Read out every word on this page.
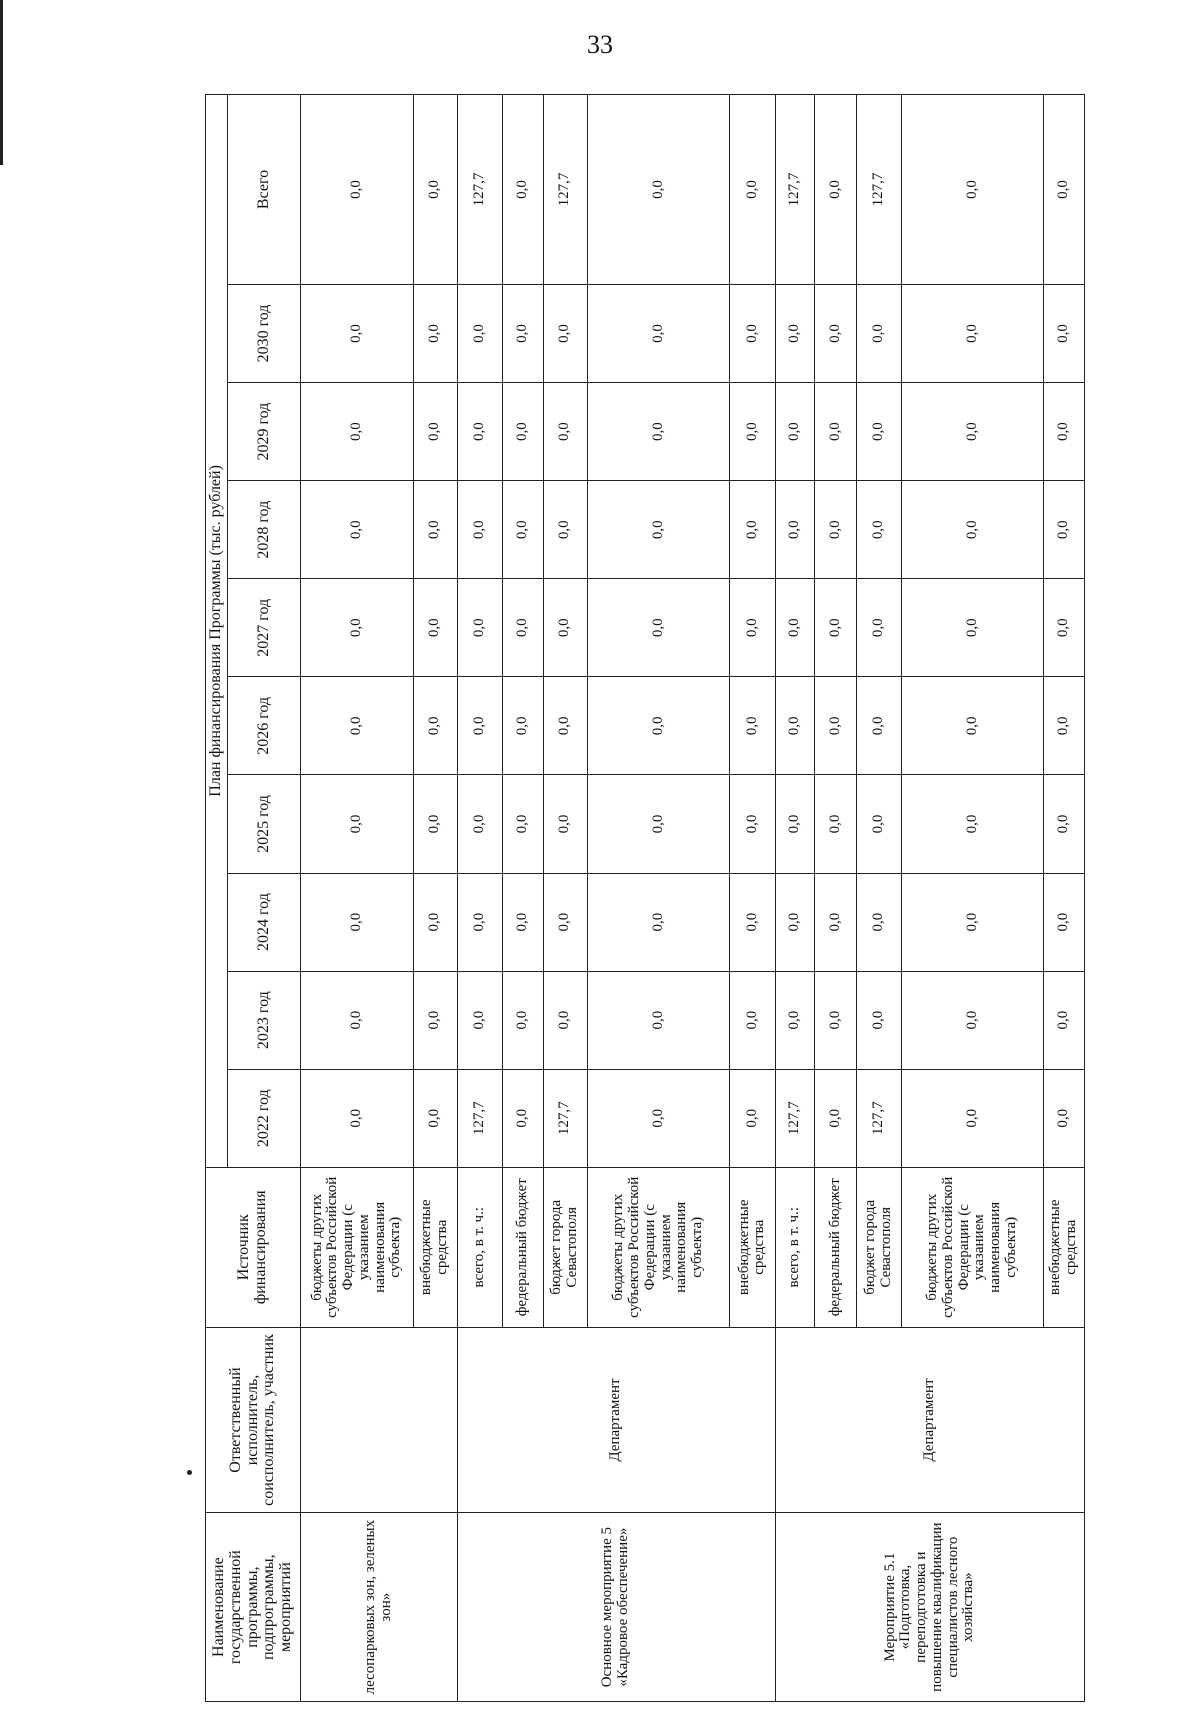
33
Наименование государственной программы, подпрограммы, мероприятий	Ответственный исполнитель, соисполнитель, участник	Источник финансирования	План финансирования Программы (тыс. рублей)									
			2022 год	2023 год	2024 год	2025 год	2026 год	2027 год	2028 год	2029 год	2030 год	Всего
лесопарковых зон, зеленых зон»		бюджеты других субъектов Российской Федерации (с указанием наименования субъекта)	0,0	0,0	0,0	0,0	0,0	0,0	0,0	0,0	0,0	0,0
		внебюджетные средства	0,0	0,0	0,0	0,0	0,0	0,0	0,0	0,0	0,0	0,0
Основное мероприятие 5 «Кадровое обеспечение»	Департамент	всего, в т. ч.:	127,7	0,0	0,0	0,0	0,0	0,0	0,0	0,0	0,0	127,7
		федеральный бюджет	0,0	0,0	0,0	0,0	0,0	0,0	0,0	0,0	0,0	0,0
		бюджет города Севастополя	127,7	0,0	0,0	0,0	0,0	0,0	0,0	0,0	0,0	127,7
		бюджеты других субъектов Российской Федерации (с указанием наименования субъекта)	0,0	0,0	0,0	0,0	0,0	0,0	0,0	0,0	0,0	0,0
		внебюджетные средства	0,0	0,0	0,0	0,0	0,0	0,0	0,0	0,0	0,0	0,0
Мероприятие 5.1 «Подготовка, переподготовка и повышение квалификации специалистов лесного хозяйства»	Департамент	всего, в т. ч.:	127,7	0,0	0,0	0,0	0,0	0,0	0,0	0,0	0,0	127,7
		федеральный бюджет	0,0	0,0	0,0	0,0	0,0	0,0	0,0	0,0	0,0	0,0
		бюджет города Севастополя	127,7	0,0	0,0	0,0	0,0	0,0	0,0	0,0	0,0	127,7
		бюджеты других субъектов Российской Федерации (с указанием наименования субъекта)	0,0	0,0	0,0	0,0	0,0	0,0	0,0	0,0	0,0	0,0
		внебюджетные средства	0,0	0,0	0,0	0,0	0,0	0,0	0,0	0,0	0,0	0,0
